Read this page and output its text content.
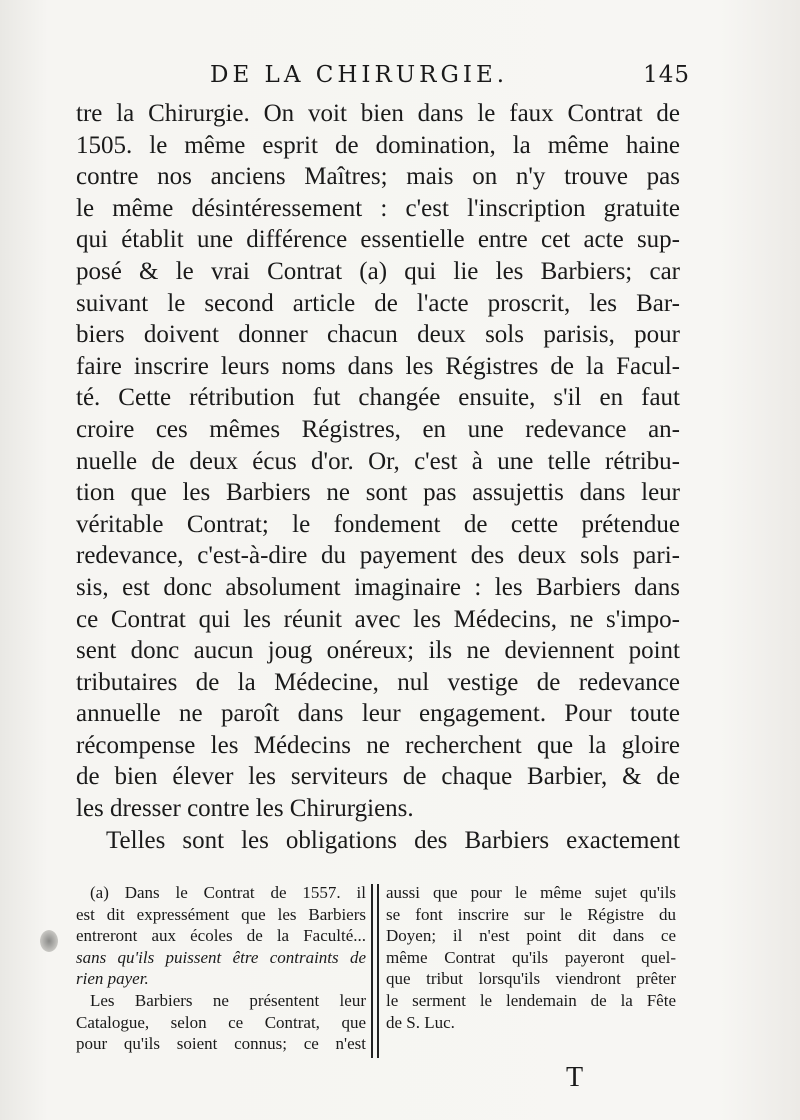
DE LA CHIRURGIE.	145
tre la Chirurgie. On voit bien dans le faux Contrat de
1505. le même esprit de domination, la même haine
contre nos anciens Maîtres; mais on n'y trouve pas
le même désintéressement : c'est l'inscription gratuite
qui établit une différence essentielle entre cet acte sup-
posé & le vrai Contrat (a) qui lie les Barbiers; car
suivant le second article de l'acte proscrit, les Bar-
biers doivent donner chacun deux sols parisis, pour
faire inscrire leurs noms dans les Régistres de la Facul-
té. Cette rétribution fut changée ensuite, s'il en faut
croire ces mêmes Régistres, en une redevance an-
nuelle de deux écus d'or. Or, c'est à une telle rétribu-
tion que les Barbiers ne sont pas assujettis dans leur
véritable Contrat; le fondement de cette prétendue
redevance, c'est-à-dire du payement des deux sols pari-
sis, est donc absolument imaginaire : les Barbiers dans
ce Contrat qui les réunit avec les Médecins, ne s'impo-
sent donc aucun joug onéreux; ils ne deviennent point
tributaires de la Médecine, nul vestige de redevance
annuelle ne paroît dans leur engagement. Pour toute
récompense les Médecins ne recherchent que la gloire
de bien élever les serviteurs de chaque Barbier, & de
les dresser contre les Chirurgiens.
Telles sont les obligations des Barbiers exactement
(a) Dans le Contrat de 1557. il
est dit expressément que les Barbiers
entreront aux écoles de la Faculté...
sans qu'ils puissent être contraints de
rien payer.
Les Barbiers ne présentent leur
Catalogue, selon ce Contrat, que
pour qu'ils soient connus; ce n'est
aussi que pour le même sujet qu'ils
se font inscrire sur le Régistre du
Doyen; il n'est point dit dans ce
même Contrat qu'ils payeront quel-
que tribut lorsqu'ils viendront prêter
le serment le lendemain de la Fête
de S. Luc.
T
